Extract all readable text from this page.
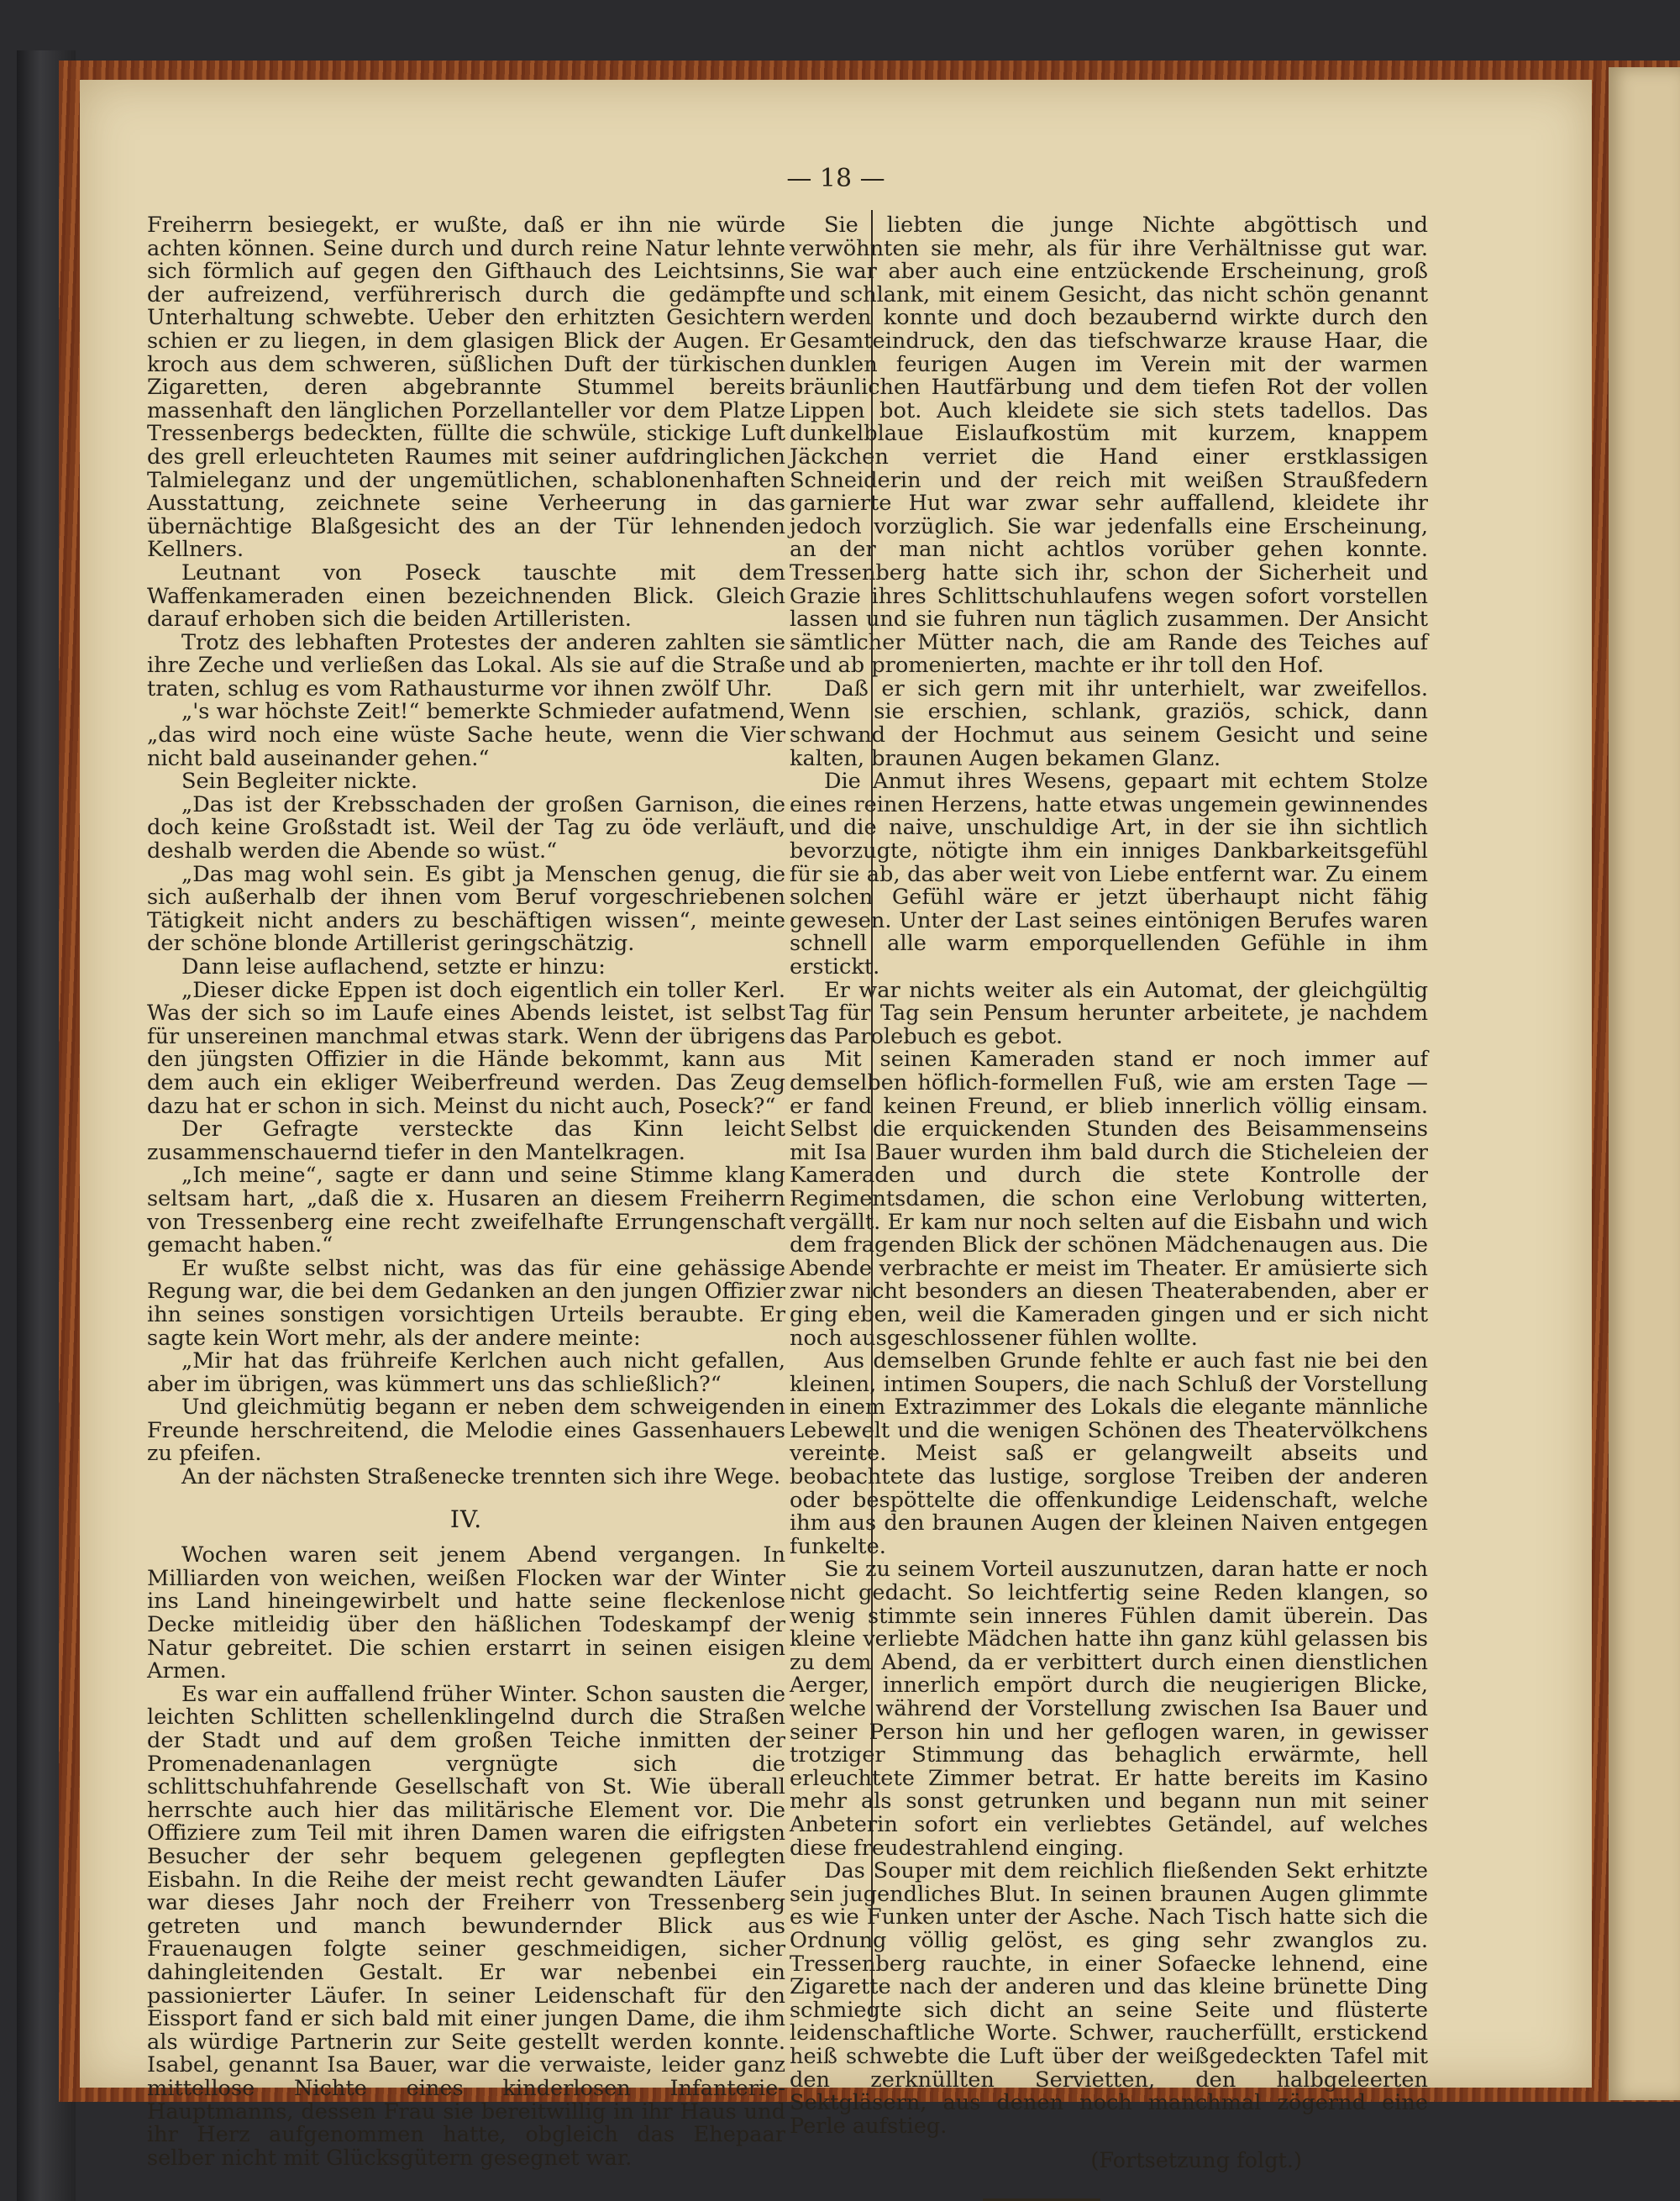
— 18 —

Freiherrn besiegekt, er wußte, daß er ihn nie würde achten können. Seine durch und durch reine Natur lehnte sich förmlich auf gegen den Gifthauch des Leichtsinns, der aufreizend, verführerisch durch die gedämpfte Unterhaltung schwebte. Ueber den erhitzten Gesichtern schien er zu liegen, in dem glasigen Blick der Augen. Er kroch aus dem schweren, süßlichen Duft der türkischen Zigaretten, deren abgebrannte Stummel bereits massenhaft den länglichen Porzellanteller vor dem Platze Tressenbergs bedeckten, füllte die schwüle, stickige Luft des grell erleuchteten Raumes mit seiner aufdringlichen Talmieleganz und der ungemütlichen, schablonenhaften Ausstattung, zeichnete seine Verheerung in das übernächtige Blaßgesicht des an der Tür lehnenden Kellners.

Leutnant von Poseck tauschte mit dem Waffenkameraden einen bezeichnenden Blick. Gleich darauf erhoben sich die beiden Artilleristen.

Trotz des lebhaften Protestes der anderen zahlten sie ihre Zeche und verließen das Lokal. Als sie auf die Straße traten, schlug es vom Rathausturme vor ihnen zwölf Uhr.

„'s war höchste Zeit!“ bemerkte Schmieder aufatmend, „das wird noch eine wüste Sache heute, wenn die Vier nicht bald auseinander gehen.“

Sein Begleiter nickte.

„Das ist der Krebsschaden der großen Garnison, die doch keine Großstadt ist. Weil der Tag zu öde verläuft, deshalb werden die Abende so wüst.“

„Das mag wohl sein. Es gibt ja Menschen genug, die sich außerhalb der ihnen vom Beruf vorgeschriebenen Tätigkeit nicht anders zu beschäftigen wissen“, meinte der schöne blonde Artillerist geringschätzig.

Dann leise auflachend, setzte er hinzu:

„Dieser dicke Eppen ist doch eigentlich ein toller Kerl. Was der sich so im Laufe eines Abends leistet, ist selbst für unsereinen manchmal etwas stark. Wenn der übrigens den jüngsten Offizier in die Hände bekommt, kann aus dem auch ein ekliger Weiberfreund werden. Das Zeug dazu hat er schon in sich. Meinst du nicht auch, Poseck?“

Der Gefragte versteckte das Kinn leicht zusammenschauernd tiefer in den Mantelkragen.

„Ich meine“, sagte er dann und seine Stimme klang seltsam hart, „daß die x. Husaren an diesem Freiherrn von Tressenberg eine recht zweifelhafte Errungenschaft gemacht haben.“

Er wußte selbst nicht, was das für eine gehässige Regung war, die bei dem Gedanken an den jungen Offizier ihn seines sonstigen vorsichtigen Urteils beraubte. Er sagte kein Wort mehr, als der andere meinte:

„Mir hat das frühreife Kerlchen auch nicht gefallen, aber im übrigen, was kümmert uns das schließlich?“

Und gleichmütig begann er neben dem schweigenden Freunde herschreitend, die Melodie eines Gassenhauers zu pfeifen.

An der nächsten Straßenecke trennten sich ihre Wege.

IV.

Wochen waren seit jenem Abend vergangen. In Milliarden von weichen, weißen Flocken war der Winter ins Land hineingewirbelt und hatte seine fleckenlose Decke mitleidig über den häßlichen Todeskampf der Natur gebreitet. Die schien erstarrt in seinen eisigen Armen.

Es war ein auffallend früher Winter. Schon sausten die leichten Schlitten schellenklingelnd durch die Straßen der Stadt und auf dem großen Teiche inmitten der Promenadenanlagen vergnügte sich die schlittschuhfahrende Gesellschaft von St. Wie überall herrschte auch hier das militärische Element vor. Die Offiziere zum Teil mit ihren Damen waren die eifrigsten Besucher der sehr bequem gelegenen gepflegten Eisbahn. In die Reihe der meist recht gewandten Läufer war dieses Jahr noch der Freiherr von Tressenberg getreten und manch bewundernder Blick aus Frauenaugen folgte seiner geschmeidigen, sicher dahingleitenden Gestalt. Er war nebenbei ein passionierter Läufer. In seiner Leidenschaft für den Eissport fand er sich bald mit einer jungen Dame, die ihm als würdige Partnerin zur Seite gestellt werden konnte. Isabel, genannt Isa Bauer, war die verwaiste, leider ganz mittellose Nichte eines kinderlosen Infanterie-Hauptmanns, dessen Frau sie bereitwillig in ihr Haus und ihr Herz aufgenommen hatte, obgleich das Ehepaar selber nicht mit Glücksgütern gesegnet war.

Sie liebten die junge Nichte abgöttisch und verwöhnten sie mehr, als für ihre Verhältnisse gut war. Sie war aber auch eine entzückende Erscheinung, groß und schlank, mit einem Gesicht, das nicht schön genannt werden konnte und doch bezaubernd wirkte durch den Gesamteindruck, den das tiefschwarze krause Haar, die dunklen feurigen Augen im Verein mit der warmen bräunlichen Hautfärbung und dem tiefen Rot der vollen Lippen bot. Auch kleidete sie sich stets tadellos. Das dunkelblaue Eislaufkostüm mit kurzem, knappem Jäckchen verriet die Hand einer erstklassigen Schneiderin und der reich mit weißen Straußfedern garnierte Hut war zwar sehr auffallend, kleidete ihr jedoch vorzüglich. Sie war jedenfalls eine Erscheinung, an der man nicht achtlos vorüber gehen konnte. Tressenberg hatte sich ihr, schon der Sicherheit und Grazie ihres Schlittschuhlaufens wegen sofort vorstellen lassen und sie fuhren nun täglich zusammen. Der Ansicht sämtlicher Mütter nach, die am Rande des Teiches auf und ab promenierten, machte er ihr toll den Hof.

Daß er sich gern mit ihr unterhielt, war zweifellos. Wenn sie erschien, schlank, graziös, schick, dann schwand der Hochmut aus seinem Gesicht und seine kalten, braunen Augen bekamen Glanz.

Die Anmut ihres Wesens, gepaart mit echtem Stolze eines reinen Herzens, hatte etwas ungemein gewinnendes und die naive, unschuldige Art, in der sie ihn sichtlich bevorzugte, nötigte ihm ein inniges Dankbarkeitsgefühl für sie ab, das aber weit von Liebe entfernt war. Zu einem solchen Gefühl wäre er jetzt überhaupt nicht fähig gewesen. Unter der Last seines eintönigen Berufes waren schnell alle warm emporquellenden Gefühle in ihm erstickt.

Er war nichts weiter als ein Automat, der gleichgültig Tag für Tag sein Pensum herunter arbeitete, je nachdem das Parolebuch es gebot.

Mit seinen Kameraden stand er noch immer auf demselben höflich-formellen Fuß, wie am ersten Tage — er fand keinen Freund, er blieb innerlich völlig einsam. Selbst die erquickenden Stunden des Beisammenseins mit Isa Bauer wurden ihm bald durch die Sticheleien der Kameraden und durch die stete Kontrolle der Regimentsdamen, die schon eine Verlobung witterten, vergällt. Er kam nur noch selten auf die Eisbahn und wich dem fragenden Blick der schönen Mädchenaugen aus. Die Abende verbrachte er meist im Theater. Er amüsierte sich zwar nicht besonders an diesen Theaterabenden, aber er ging eben, weil die Kameraden gingen und er sich nicht noch ausgeschlossener fühlen wollte.

Aus demselben Grunde fehlte er auch fast nie bei den kleinen, intimen Soupers, die nach Schluß der Vorstellung in einem Extrazimmer des Lokals die elegante männliche Lebewelt und die wenigen Schönen des Theatervölkchens vereinte. Meist saß er gelangweilt abseits und beobachtete das lustige, sorglose Treiben der anderen oder bespöttelte die offenkundige Leidenschaft, welche ihm aus den braunen Augen der kleinen Naiven entgegen funkelte.

Sie zu seinem Vorteil auszunutzen, daran hatte er noch nicht gedacht. So leichtfertig seine Reden klangen, so wenig stimmte sein inneres Fühlen damit überein. Das kleine verliebte Mädchen hatte ihn ganz kühl gelassen bis zu dem Abend, da er verbittert durch einen dienstlichen Aerger, innerlich empört durch die neugierigen Blicke, welche während der Vorstellung zwischen Isa Bauer und seiner Person hin und her geflogen waren, in gewisser trotziger Stimmung das behaglich erwärmte, hell erleuchtete Zimmer betrat. Er hatte bereits im Kasino mehr als sonst getrunken und begann nun mit seiner Anbeterin sofort ein verliebtes Getändel, auf welches diese freudestrahlend einging.

Das Souper mit dem reichlich fließenden Sekt erhitzte sein jugendliches Blut. In seinen braunen Augen glimmte es wie Funken unter der Asche. Nach Tisch hatte sich die Ordnung völlig gelöst, es ging sehr zwanglos zu. Tressenberg rauchte, in einer Sofaecke lehnend, eine Zigarette nach der anderen und das kleine brünette Ding schmiegte sich dicht an seine Seite und flüsterte leidenschaftliche Worte. Schwer, raucherfüllt, erstickend heiß schwebte die Luft über der weißgedeckten Tafel mit den zerknüllten Servietten, den halbgeleerten Sektgläsern, aus denen noch manchmal zögernd eine Perle aufstieg.

(Fortsetzung folgt.)
